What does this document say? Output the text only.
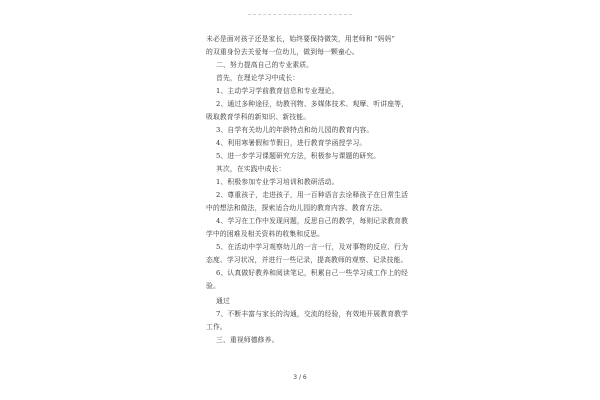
未必是面对孩子还是家长，始终要保持微笑，用老师和 “妈妈”
的双重身份去关爱每一位幼儿，做到每一颗童心。
二、努力提高自己的专业素质。
首先，在理论学习中成长：
1、主动学习学前教育信息和专业理论。
2、通过多种途径，幼教刊物、多媒体技术、观摩、听讲座等，
吸取教育学科的新知识、新技能。
3、自学有关幼儿的年龄特点和幼儿园的教育内容。
4、利用寒暑假和节假日，进行教育学函授学习。
5、进一步学习课题研究方法，积极参与课题的研究。
其次，在实践中成长：
1、积极参加专业学习培训和教研活动。
2、尊重孩子，走进孩子，用一百种语言去诠释孩子在日常生活
中的想法和做法，探索适合幼儿园的教育内容、教育方法。
4、学习在工作中发现问题，反思自己的教学，每则记录教育教
学中的困难及相关资料的收集和反思。
5、在活动中学习观察幼儿的一言一行，及对事物的反应、行为
态度、学习状况，并进行一些记录，提高教师的观察、记录技能。
6、认真做好教养和阅读笔记，积累自己一些学习成工作上的经
验。
通过
7、不断丰富与家长的沟通，交流的经验，有效地开展教育教学
工作。
三、重视师德修养。
3 / 6
